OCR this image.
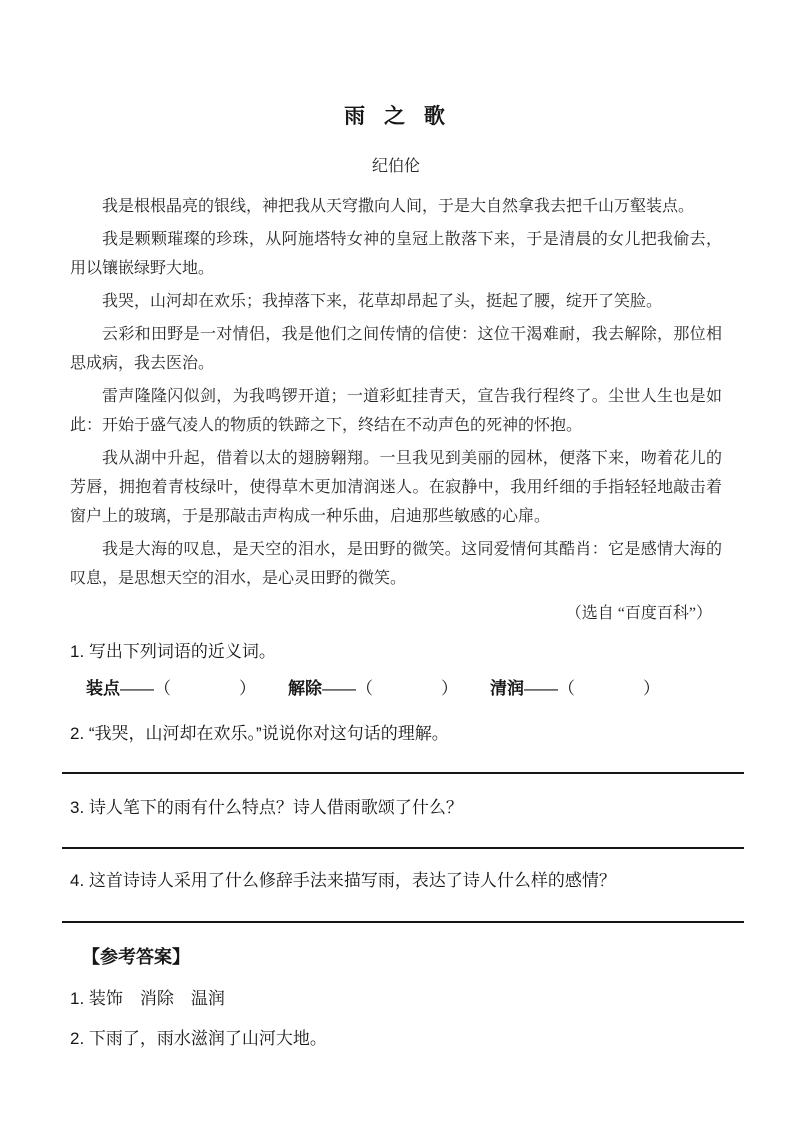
雨 之 歌
纪伯伦

我是根根晶亮的银线，神把我从天穹撒向人间，于是大自然拿我去把千山万壑装点。

我是颗颗璀璨的珍珠，从阿施塔特女神的皇冠上散落下来，于是清晨的女儿把我偷去，用以镶嵌绿野大地。

我哭，山河却在欢乐；我掉落下来，花草却昂起了头，挺起了腰，绽开了笑脸。

云彩和田野是一对情侣，我是他们之间传情的信使：这位干渴难耐，我去解除，那位相思成病，我去医治。

雷声隆隆闪似剑，为我鸣锣开道；一道彩虹挂青天，宣告我行程终了。尘世人生也是如此：开始于盛气凌人的物质的铁蹄之下，终结在不动声色的死神的怀抱。

我从湖中升起，借着以太的翅膀翱翔。一旦我见到美丽的园林，便落下来，吻着花儿的芳唇，拥抱着青枝绿叶，使得草木更加清润迷人。在寂静中，我用纤细的手指轻轻地敲击着窗户上的玻璃，于是那敲击声构成一种乐曲，启迪那些敏感的心扉。

我是大海的叹息，是天空的泪水，是田野的微笑。这同爱情何其酷肖：它是感情大海的叹息，是思想天空的泪水，是心灵田野的微笑。

（选自 “百度百科”）
1. 写出下列词语的近义词。
装点——（　　　　） 解除——（　　　　） 清润——（　　　　）
2. “我哭，山河却在欢乐。”说说你对这句话的理解。
3. 诗人笔下的雨有什么特点？诗人借雨歌颂了什么？
4. 这首诗诗人采用了什么修辞手法来描写雨，表达了诗人什么样的感情？
【参考答案】
1. 装饰　消除　温润
2. 下雨了，雨水滋润了山河大地。
